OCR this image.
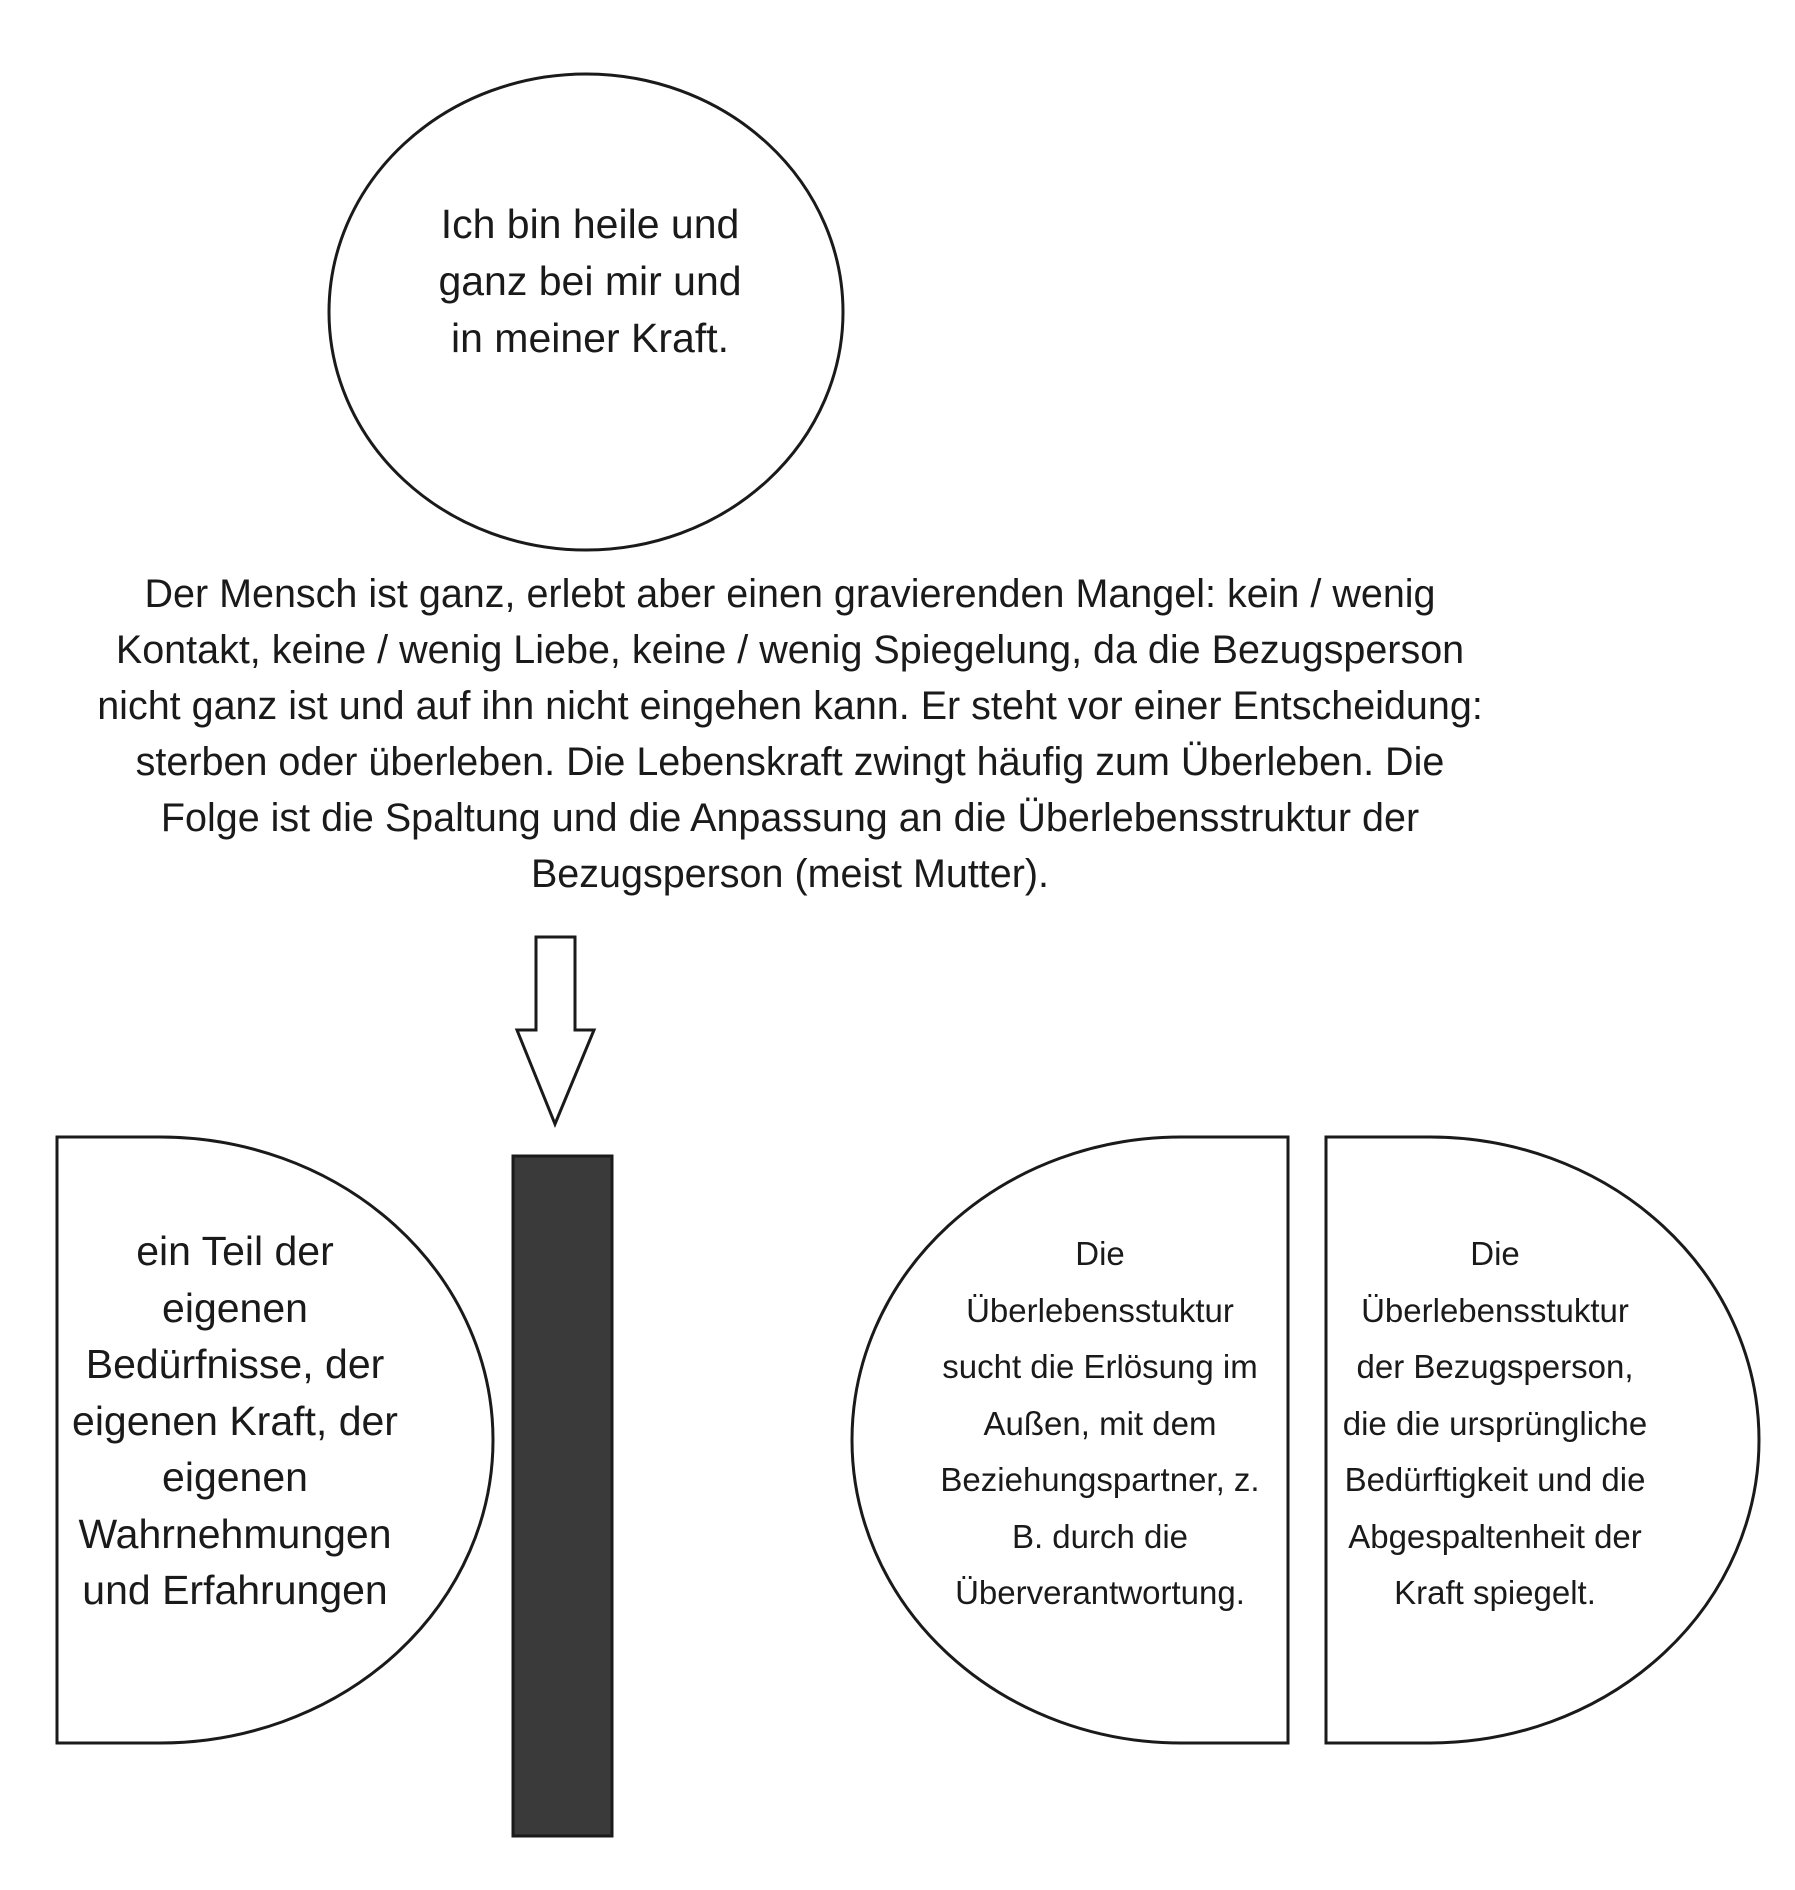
Ich bin heile und
ganz bei mir und
in meiner Kraft.
Der Mensch ist ganz, erlebt aber einen gravierenden Mangel: kein / wenig
Kontakt, keine / wenig Liebe, keine / wenig Spiegelung, da die Bezugsperson
nicht ganz ist und auf ihn nicht eingehen kann. Er steht vor einer Entscheidung:
sterben oder überleben. Die Lebenskraft zwingt häufig zum Überleben. Die
Folge ist die Spaltung und die Anpassung an die Überlebensstruktur der
Bezugsperson (meist Mutter).
ein Teil der
eigenen
Bedürfnisse, der
eigenen Kraft, der
eigenen
Wahrnehmungen
und Erfahrungen
Die
Überlebensstuktur
sucht die Erlösung im
Außen, mit dem
Beziehungspartner, z.
B. durch die
Überverantwortung.
Die
Überlebensstuktur
der Bezugsperson,
die die ursprüngliche
Bedürftigkeit und die
Abgespaltenheit der
Kraft spiegelt.
